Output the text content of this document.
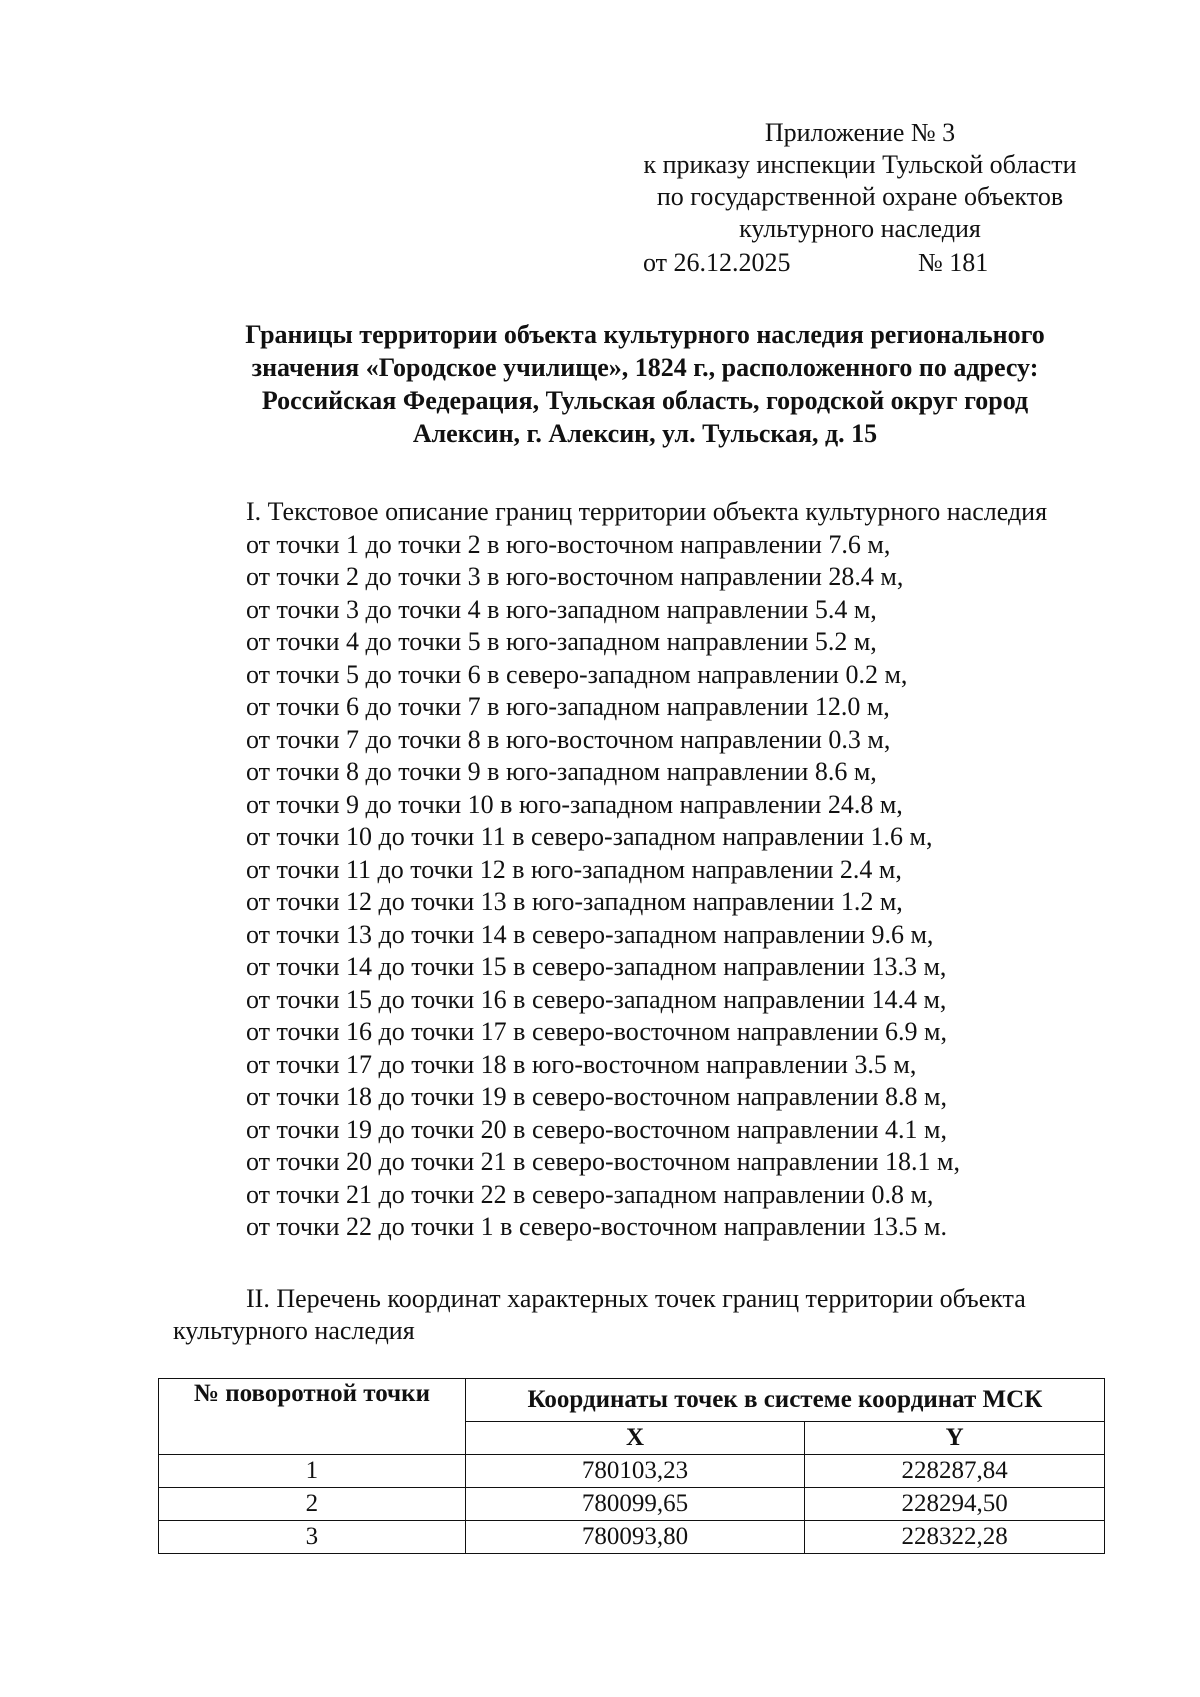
Приложение № 3
к приказу инспекции Тульской области
по государственной охране объектов
культурного наследия
от 26.12.2025	№ 181
Границы территории объекта культурного наследия регионального
значения «Городское училище», 1824 г., расположенного по адресу:
Российская Федерация, Тульская область, городской округ город
Алексин, г. Алексин, ул. Тульская, д. 15

I. Текстовое описание границ территории объекта культурного наследия

от точки 1 до точки 2 в юго-восточном направлении 7.6 м,

от точки 2 до точки 3 в юго-восточном направлении 28.4 м,

от точки 3 до точки 4 в юго-западном направлении 5.4 м,

от точки 4 до точки 5 в юго-западном направлении 5.2 м,

от точки 5 до точки 6 в северо-западном направлении 0.2 м,

от точки 6 до точки 7 в юго-западном направлении 12.0 м,

от точки 7 до точки 8 в юго-восточном направлении 0.3 м,

от точки 8 до точки 9 в юго-западном направлении 8.6 м,

от точки 9 до точки 10 в юго-западном направлении 24.8 м,

от точки 10 до точки 11 в северо-западном направлении 1.6 м,

от точки 11 до точки 12 в юго-западном направлении 2.4 м,

от точки 12 до точки 13 в юго-западном направлении 1.2 м,

от точки 13 до точки 14 в северо-западном направлении 9.6 м,

от точки 14 до точки 15 в северо-западном направлении 13.3 м,

от точки 15 до точки 16 в северо-западном направлении 14.4 м,

от точки 16 до точки 17 в северо-восточном направлении 6.9 м,

от точки 17 до точки 18 в юго-восточном направлении 3.5 м,

от точки 18 до точки 19 в северо-восточном направлении 8.8 м,

от точки 19 до точки 20 в северо-восточном направлении 4.1 м,

от точки 20 до точки 21 в северо-восточном направлении 18.1 м,

от точки 21 до точки 22 в северо-западном направлении 0.8 м,

от точки 22 до точки 1 в северо-восточном направлении 13.5 м.

II. Перечень координат характерных точек границ территории объекта культурного наследия
№ поворотной точки	Координаты точек в системе координат МСК	
	X	Y
1	780103,23	228287,84
2	780099,65	228294,50
3	780093,80	228322,28
